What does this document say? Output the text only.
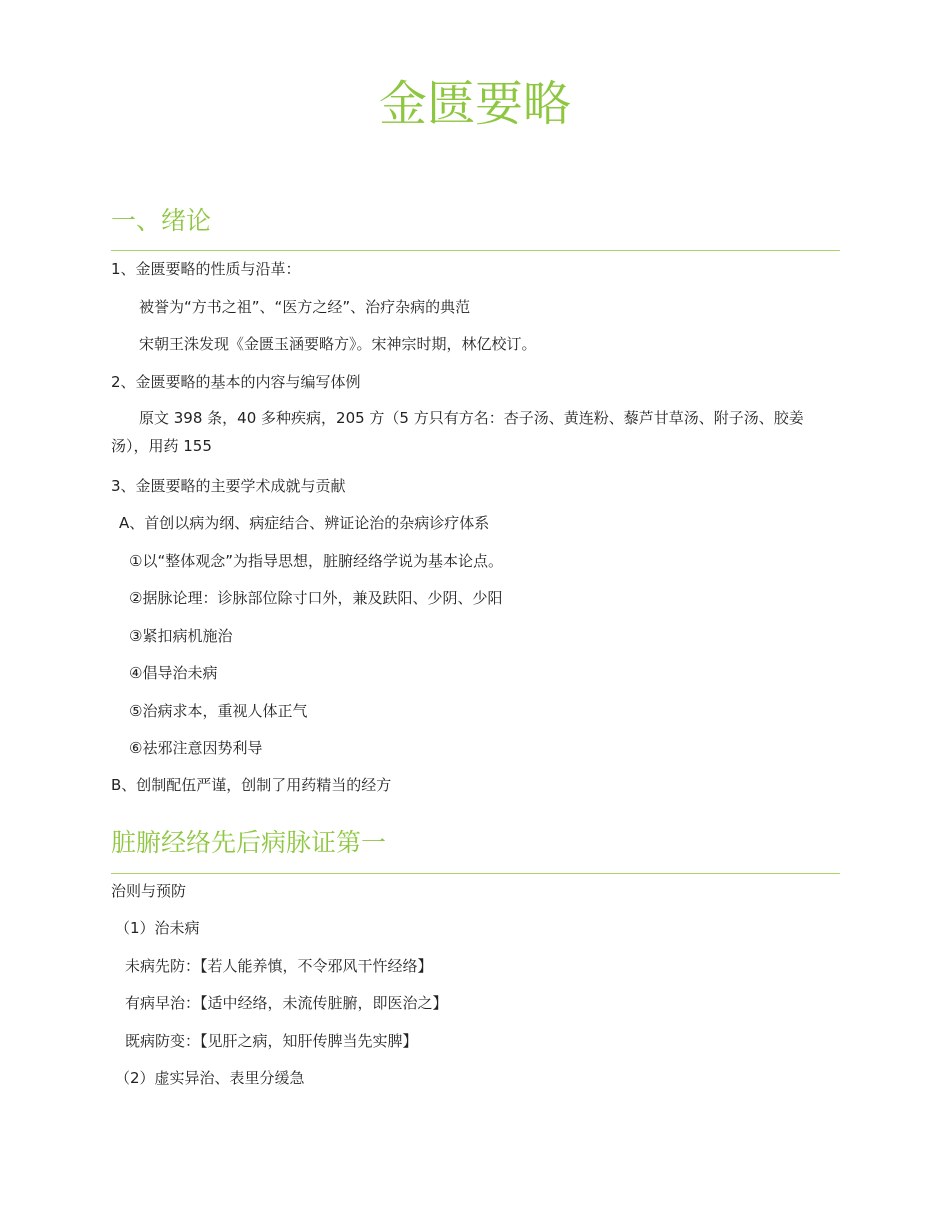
金匮要略
一、绪论

1、金匮要略的性质与沿革：

被誉为“方书之祖”、“医方之经”、治疗杂病的典范

宋朝王洙发现《金匮玉涵要略方》。宋神宗时期，林亿校订。

2、金匮要略的基本的内容与编写体例

原文 398 条，40 多种疾病，205 方（5 方只有方名：杏子汤、黄连粉、藜芦甘草汤、附子汤、胶姜汤），用药 155

3、金匮要略的主要学术成就与贡献

A、首创以病为纲、病症结合、辨证论治的杂病诊疗体系

①以“整体观念”为指导思想，脏腑经络学说为基本论点。

②据脉论理：诊脉部位除寸口外，兼及趺阳、少阴、少阳

③紧扣病机施治

④倡导治未病

⑤治病求本，重视人体正气

⑥祛邪注意因势利导

B、创制配伍严谨，创制了用药精当的经方

脏腑经络先后病脉证第一

治则与预防

（1）治未病

未病先防：【若人能养慎，不令邪风干忤经络】

有病早治：【适中经络，未流传脏腑，即医治之】

既病防变：【见肝之病，知肝传脾当先实脾】

（2）虚实异治、表里分缓急
